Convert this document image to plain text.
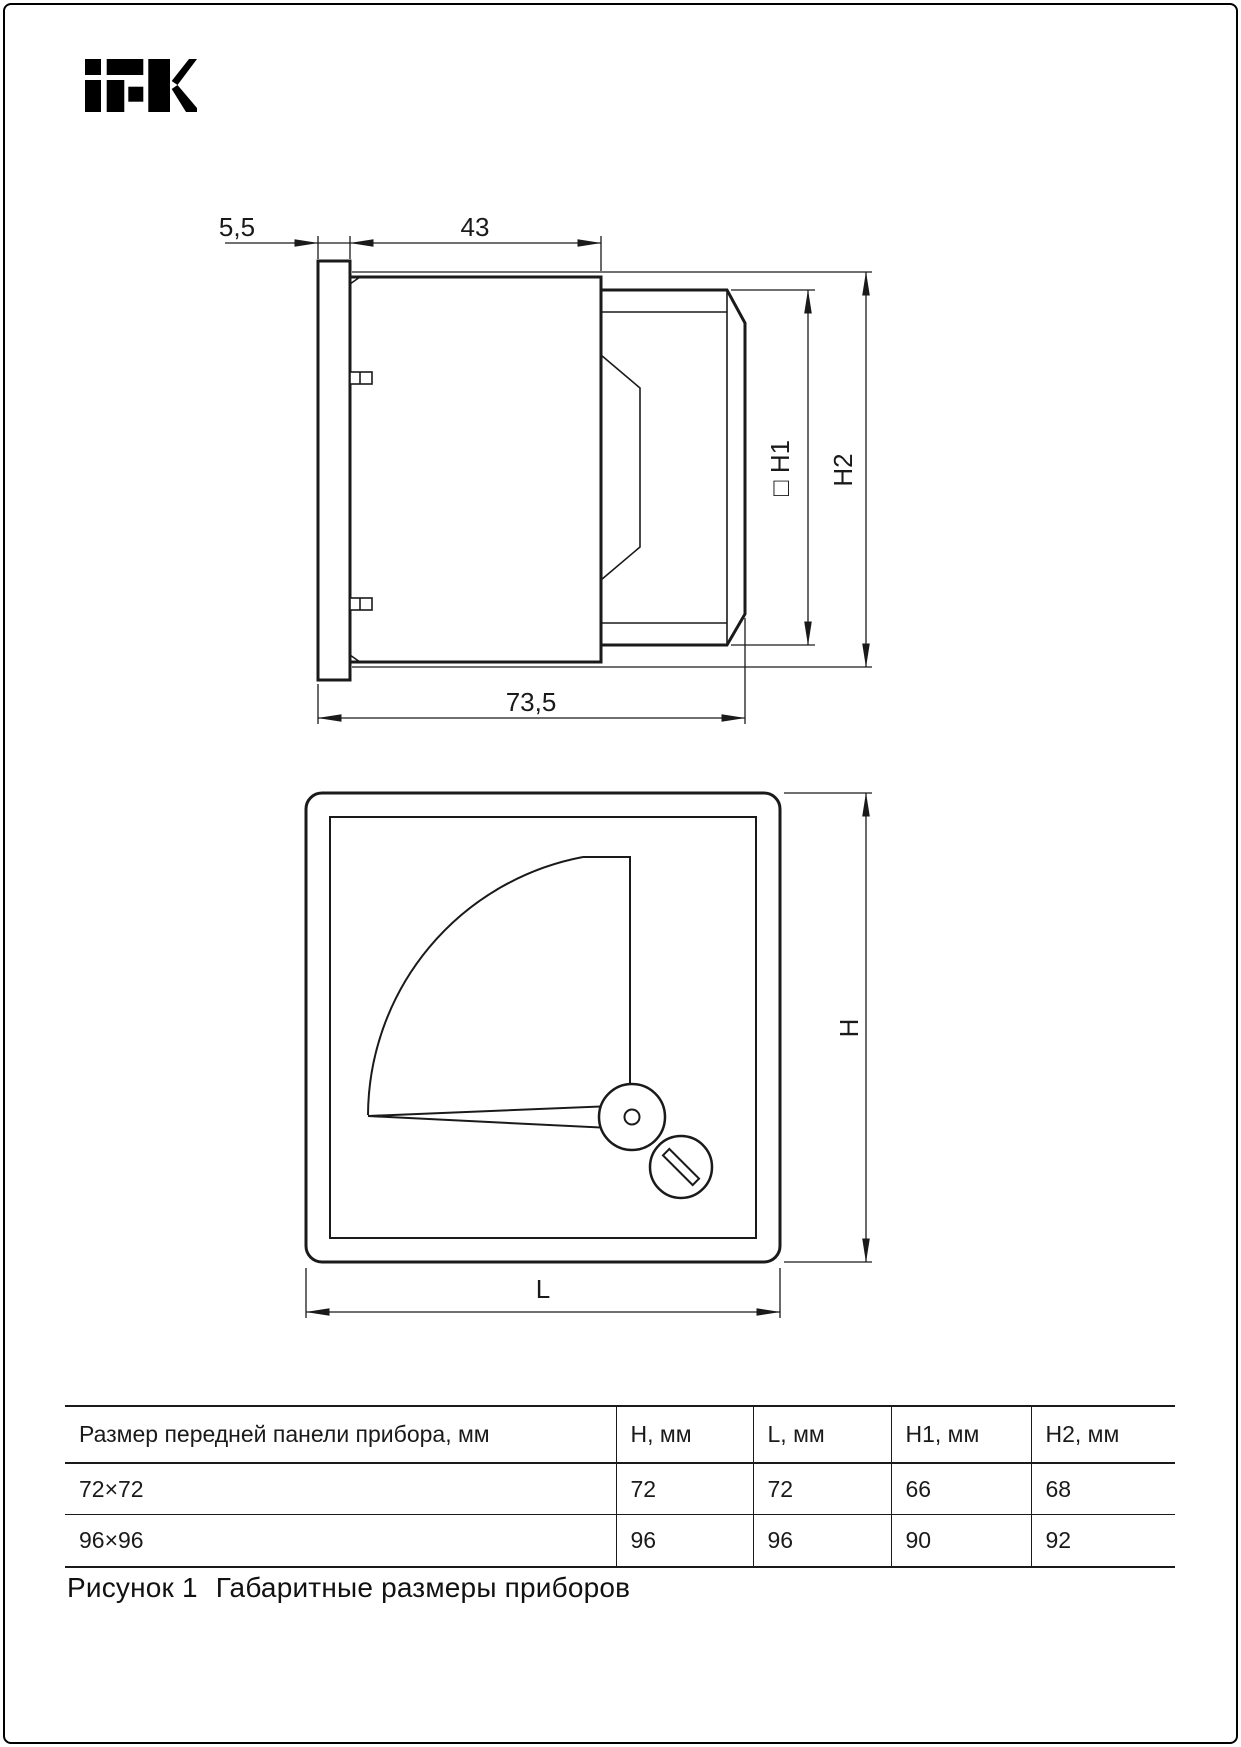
5,5	43
73,5
□ H1 H2
H
L
Размер передней панели прибора, мм	H, мм	L, мм	H1, мм	H2, мм
72×72	72	72	66	68
96×96	96	96	90	92
Рисунок 1 Габаритные размеры приборов
